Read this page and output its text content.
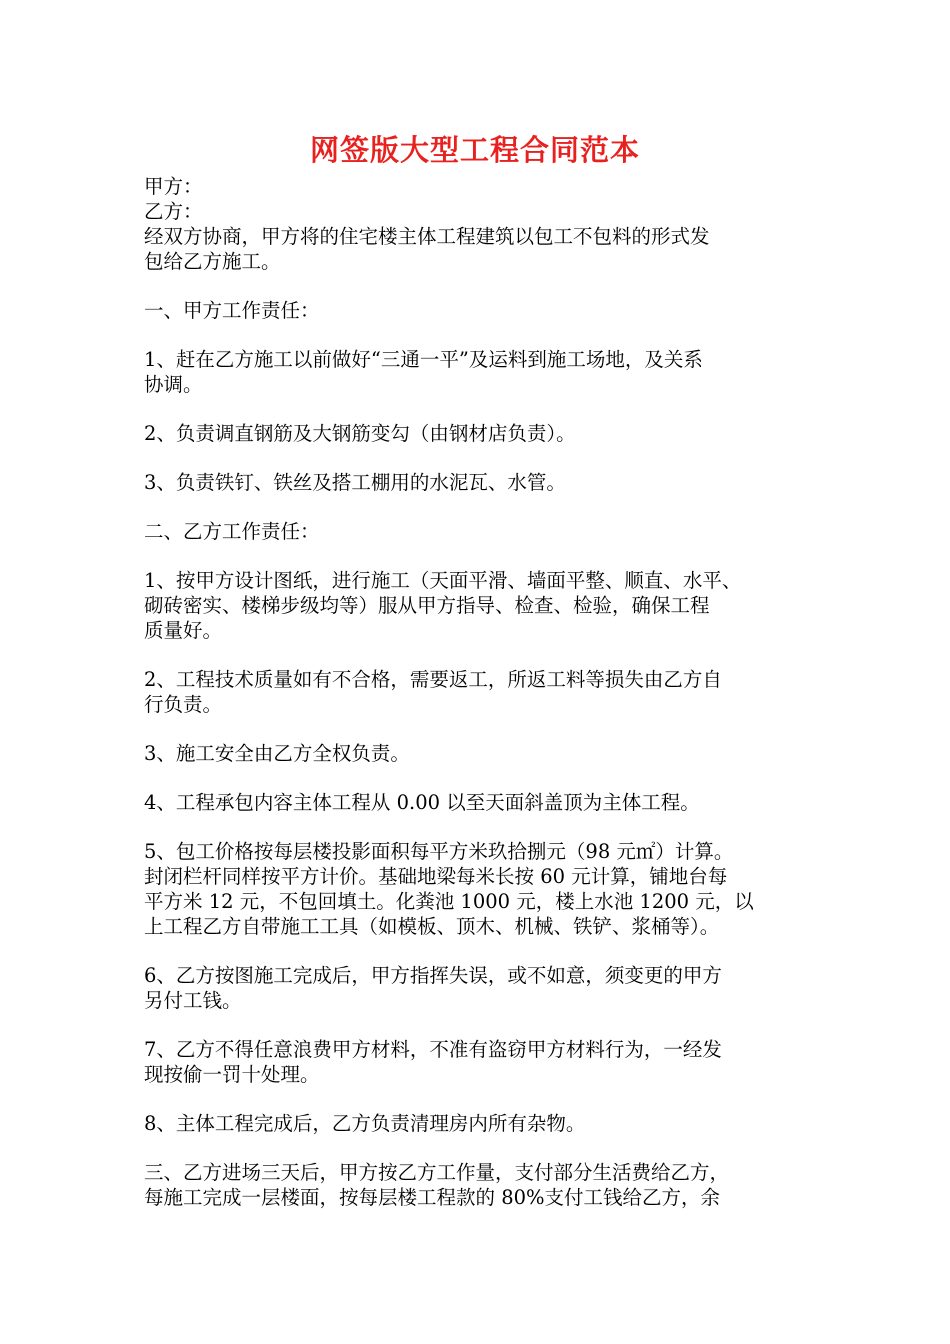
网签版大型工程合同范本
甲方：
乙方：
经双方协商，甲方将的住宅楼主体工程建筑以包工不包料的形式发
包给乙方施工。
一、甲方工作责任：
1、赶在乙方施工以前做好“三通一平”及运料到施工场地，及关系
协调。
2、负责调直钢筋及大钢筋变勾（由钢材店负责）。
3、负责铁钉、铁丝及搭工棚用的水泥瓦、水管。
二、乙方工作责任：
1、按甲方设计图纸，进行施工（天面平滑、墙面平整、顺直、水平、
砌砖密实、楼梯步级均等）服从甲方指导、检查、检验，确保工程
质量好。
2、工程技术质量如有不合格，需要返工，所返工料等损失由乙方自
行负责。
3、施工安全由乙方全权负责。
4、工程承包内容主体工程从 0.00 以至天面斜盖顶为主体工程。
5、包工价格按每层楼投影面积每平方米玖拾捌元（98 元㎡）计算。
封闭栏杆同样按平方计价。基础地梁每米长按 60 元计算，铺地台每
平方米 12 元，不包回填土。化粪池 1000 元，楼上水池 1200 元，以
上工程乙方自带施工工具（如模板、顶木、机械、铁铲、浆桶等）。
6、乙方按图施工完成后，甲方指挥失误，或不如意，须变更的甲方
另付工钱。
7、乙方不得任意浪费甲方材料，不准有盗窃甲方材料行为，一经发
现按偷一罚十处理。
8、主体工程完成后，乙方负责清理房内所有杂物。
三、乙方进场三天后，甲方按乙方工作量，支付部分生活费给乙方，
每施工完成一层楼面，按每层楼工程款的 80%支付工钱给乙方，余
